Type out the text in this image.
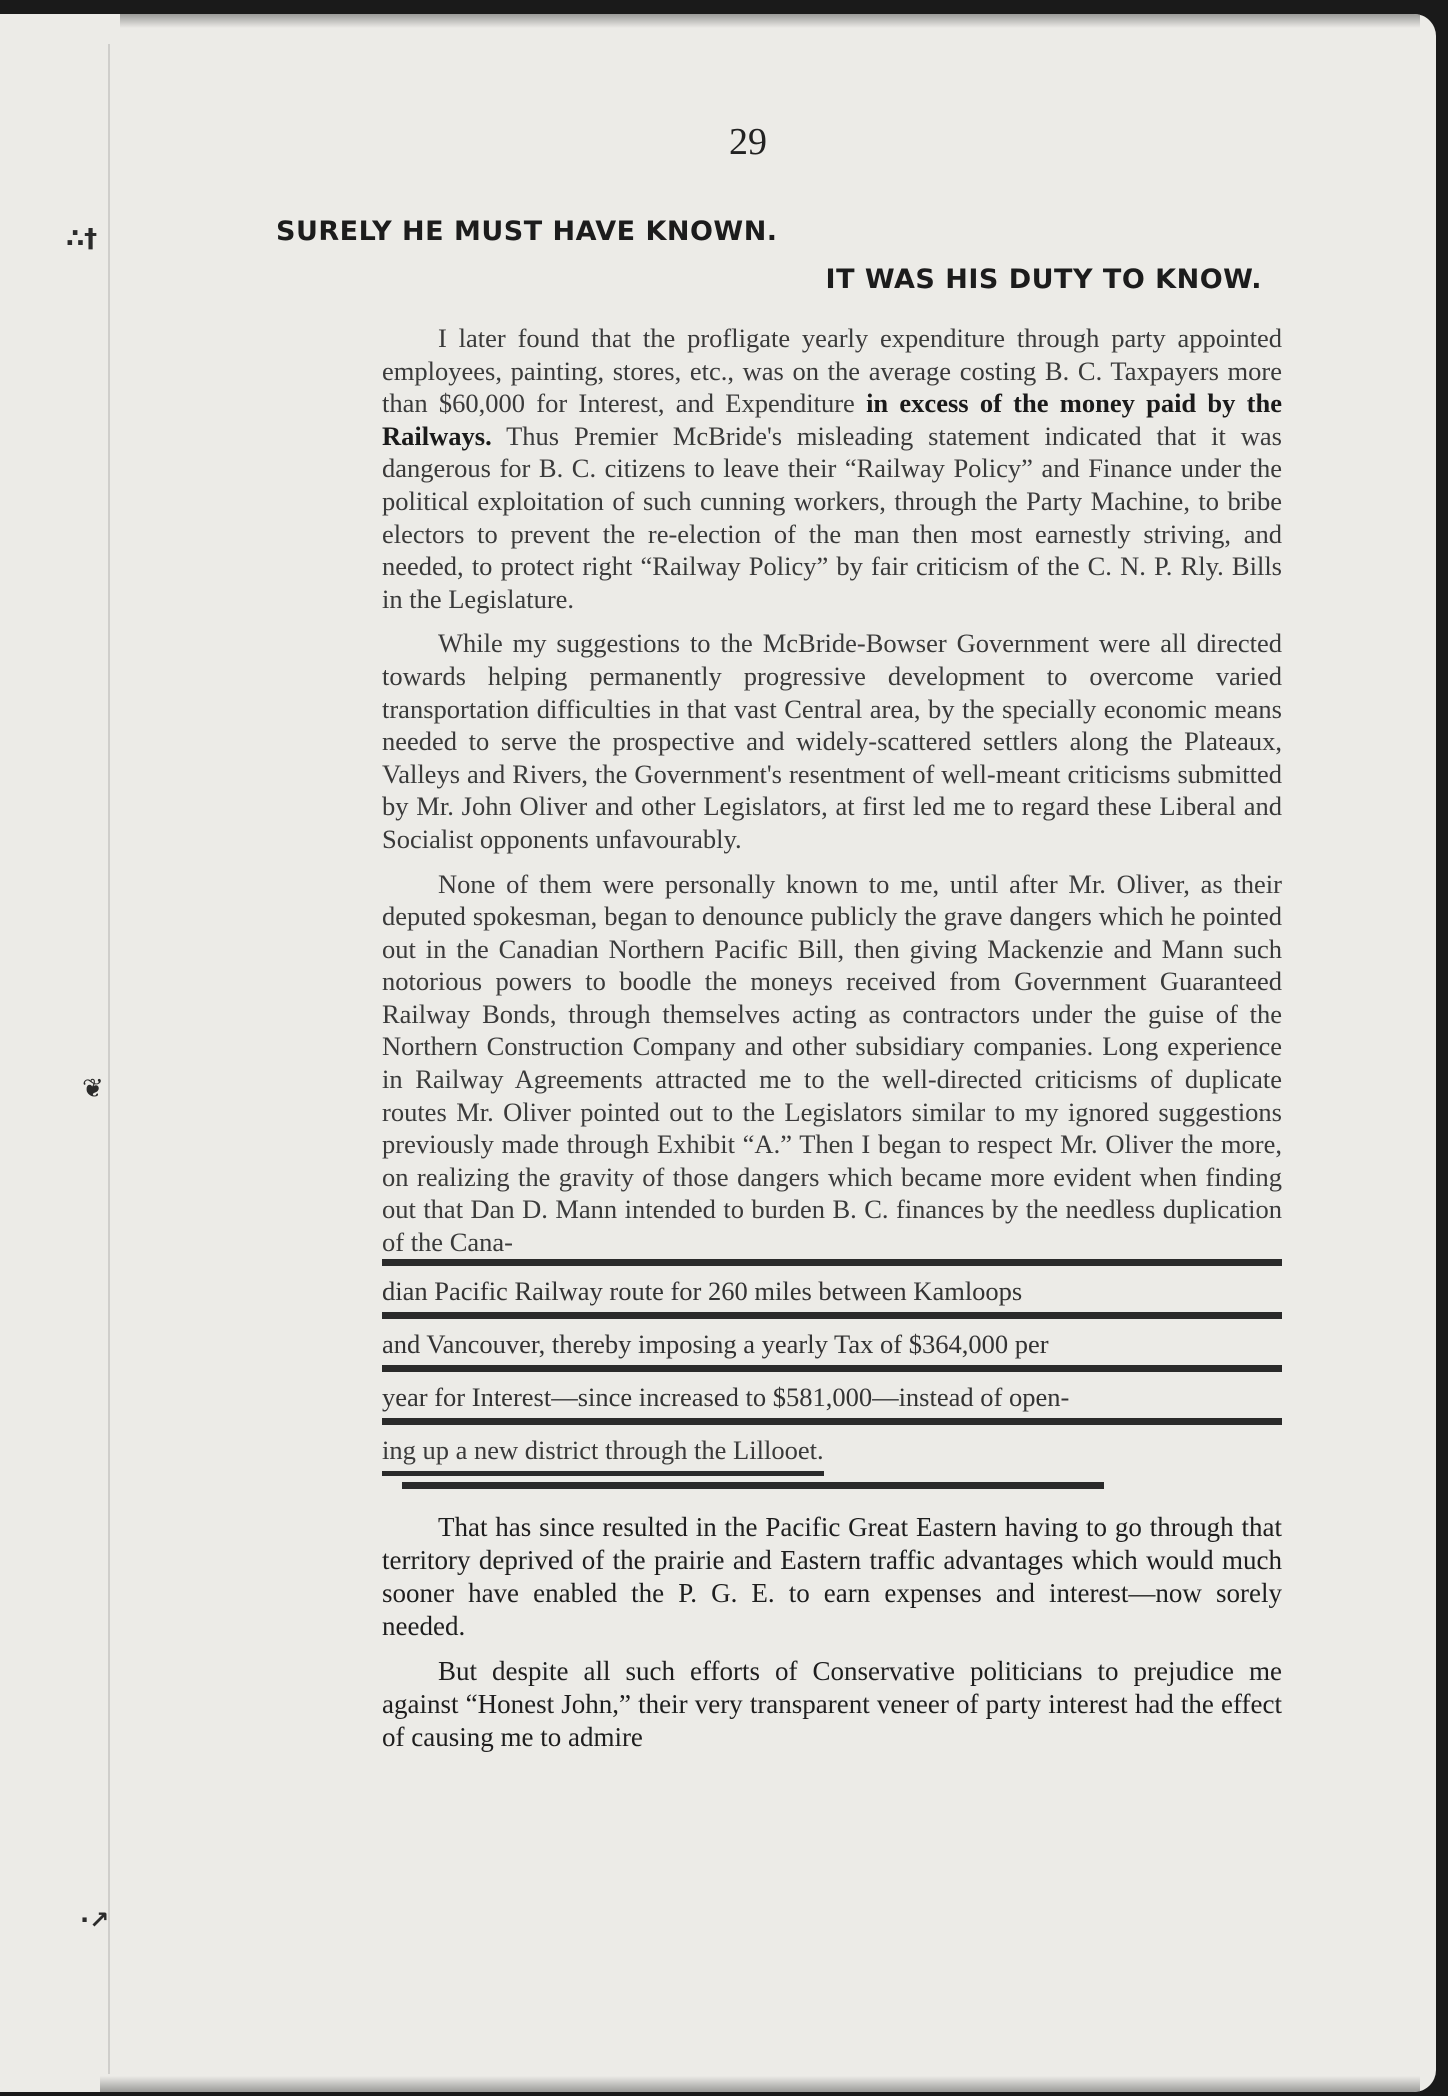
∴†
❦
∙↗
29
SURELY HE MUST HAVE KNOWN.
IT WAS HIS DUTY TO KNOW.

I later found that the profligate yearly expenditure through party appointed employees, painting, stores, etc., was on the average costing B. C. Taxpayers more than $60,000 for Interest, and Expenditure in excess of the money paid by the Railways. Thus Premier McBride's misleading statement indicated that it was dangerous for B. C. citizens to leave their “Railway Policy” and Finance under the political exploitation of such cunning workers, through the Party Machine, to bribe electors to prevent the re-election of the man then most earnestly striving, and needed, to protect right “Railway Policy” by fair criticism of the C. N. P. Rly. Bills in the Legislature.

While my suggestions to the McBride-Bowser Government were all directed towards helping permanently progressive development to overcome varied transportation difficulties in that vast Central area, by the specially economic means needed to serve the prospective and widely-scattered settlers along the Plateaux, Valleys and Rivers, the Government's resentment of well-meant criticisms submitted by Mr. John Oliver and other Legislators, at first led me to regard these Liberal and Socialist opponents unfavourably.

None of them were personally known to me, until after Mr. Oliver, as their deputed spokesman, began to denounce publicly the grave dangers which he pointed out in the Canadian Northern Pacific Bill, then giving Mackenzie and Mann such notorious powers to boodle the moneys received from Government Guaranteed Railway Bonds, through themselves acting as contractors under the guise of the Northern Construction Company and other subsidiary companies. Long experience in Railway Agreements attracted me to the well-directed criticisms of duplicate routes Mr. Oliver pointed out to the Legislators similar to my ignored suggestions previously made through Exhibit “A.” Then I began to respect Mr. Oliver the more, on realizing the gravity of those dangers which became more evident when finding out that Dan D. Mann intended to burden B. C. finances by the needless duplication of the Cana-

dian Pacific Railway route for 260 miles between Kamloops
and Vancouver, thereby imposing a yearly Tax of $364,000 per
year for Interest—since increased to $581,000—instead of open-
ing up a new district through the Lillooet.

That has since resulted in the Pacific Great Eastern having to go through that territory deprived of the prairie and Eastern traffic advantages which would much sooner have enabled the P. G. E. to earn expenses and interest—now sorely needed.

But despite all such efforts of Conservative politicians to prejudice me against “Honest John,” their very transparent veneer of party interest had the effect of causing me to admire
